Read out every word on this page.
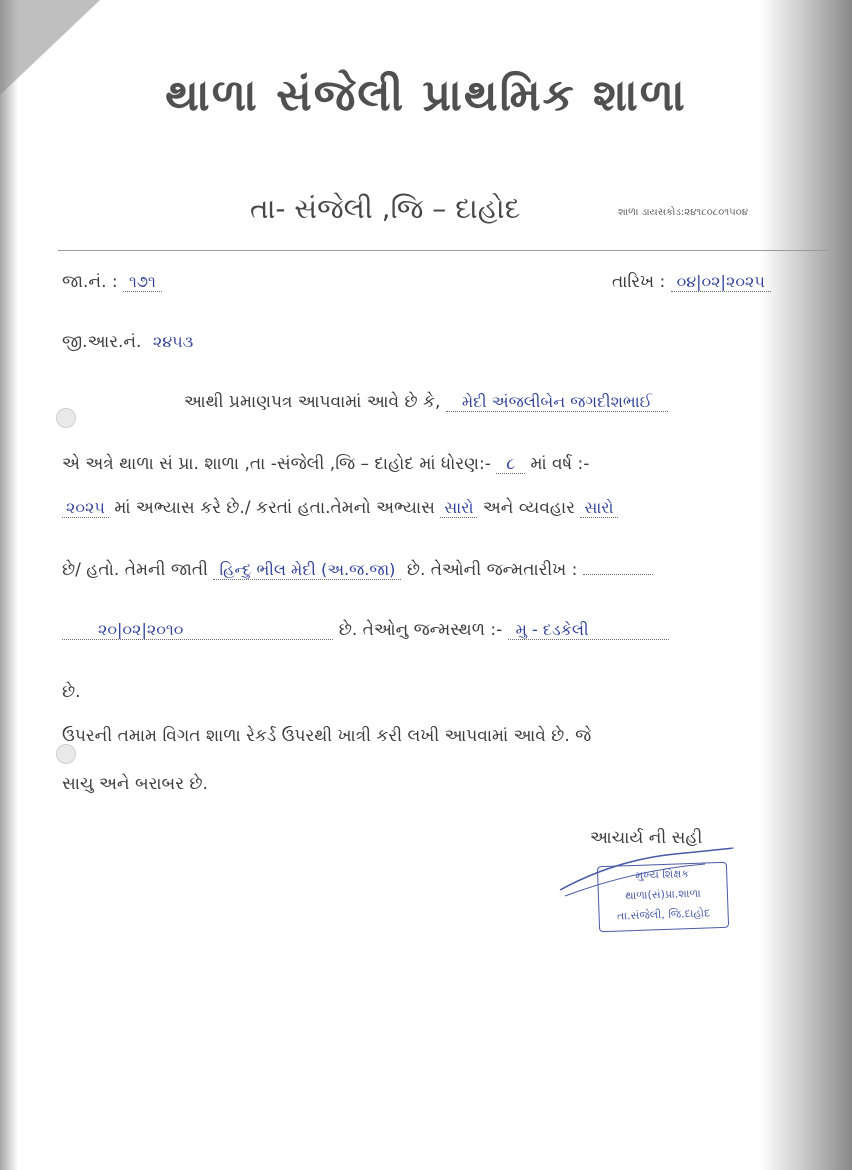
થાળા સંજેલી પ્રાથમિક શાળા
તા- સંજેલી ,જિ – દાહોદ	શાળા ડાયસકોડ:૨૪૧૮૦૮૦૧૫૦૪
જા.નં. : ૧૭૧	તારિખ : ૦૪|૦૨|૨૦૨૫
જી.આર.નં. ૨૪૫૩
આથી પ્રમાણપત્ર આપવામાં આવે છે કે, મેદી અંજલીબેન જગદીશભાઈ
એ અત્રે થાળા સં પ્રા. શાળા ,તા -સંજેલી ,જિ – દાહોદ માં ધોરણ:- ૮ માં વર્ષ :-
૨૦૨૫ માં અભ્યાસ કરે છે./ કરતાં હતા.તેમનો અભ્યાસ સારો અને વ્યવહાર સારો
છે/ હતો. તેમની જાતી હિન્દુ ભીલ મેદી (અ.જ.જા) છે. તેઓની જન્મતારીખ :
૨૦|૦૨|૨૦૧૦	છે. તેઓનુ જન્મસ્થળ :- મુ - દડકેલી
છે.
ઉપરની તમામ વિગત શાળા રેકર્ડ ઉપરથી ખાત્રી કરી લખી આપવામાં આવે છે. જે
સાચુ અને બરાબર છે.
આચાર્ય ની સહી
મુખ્ય શિક્ષક
થાળા(સં)પ્રા.શાળા
તા.સંજેલી, જિ.દાહોદ
